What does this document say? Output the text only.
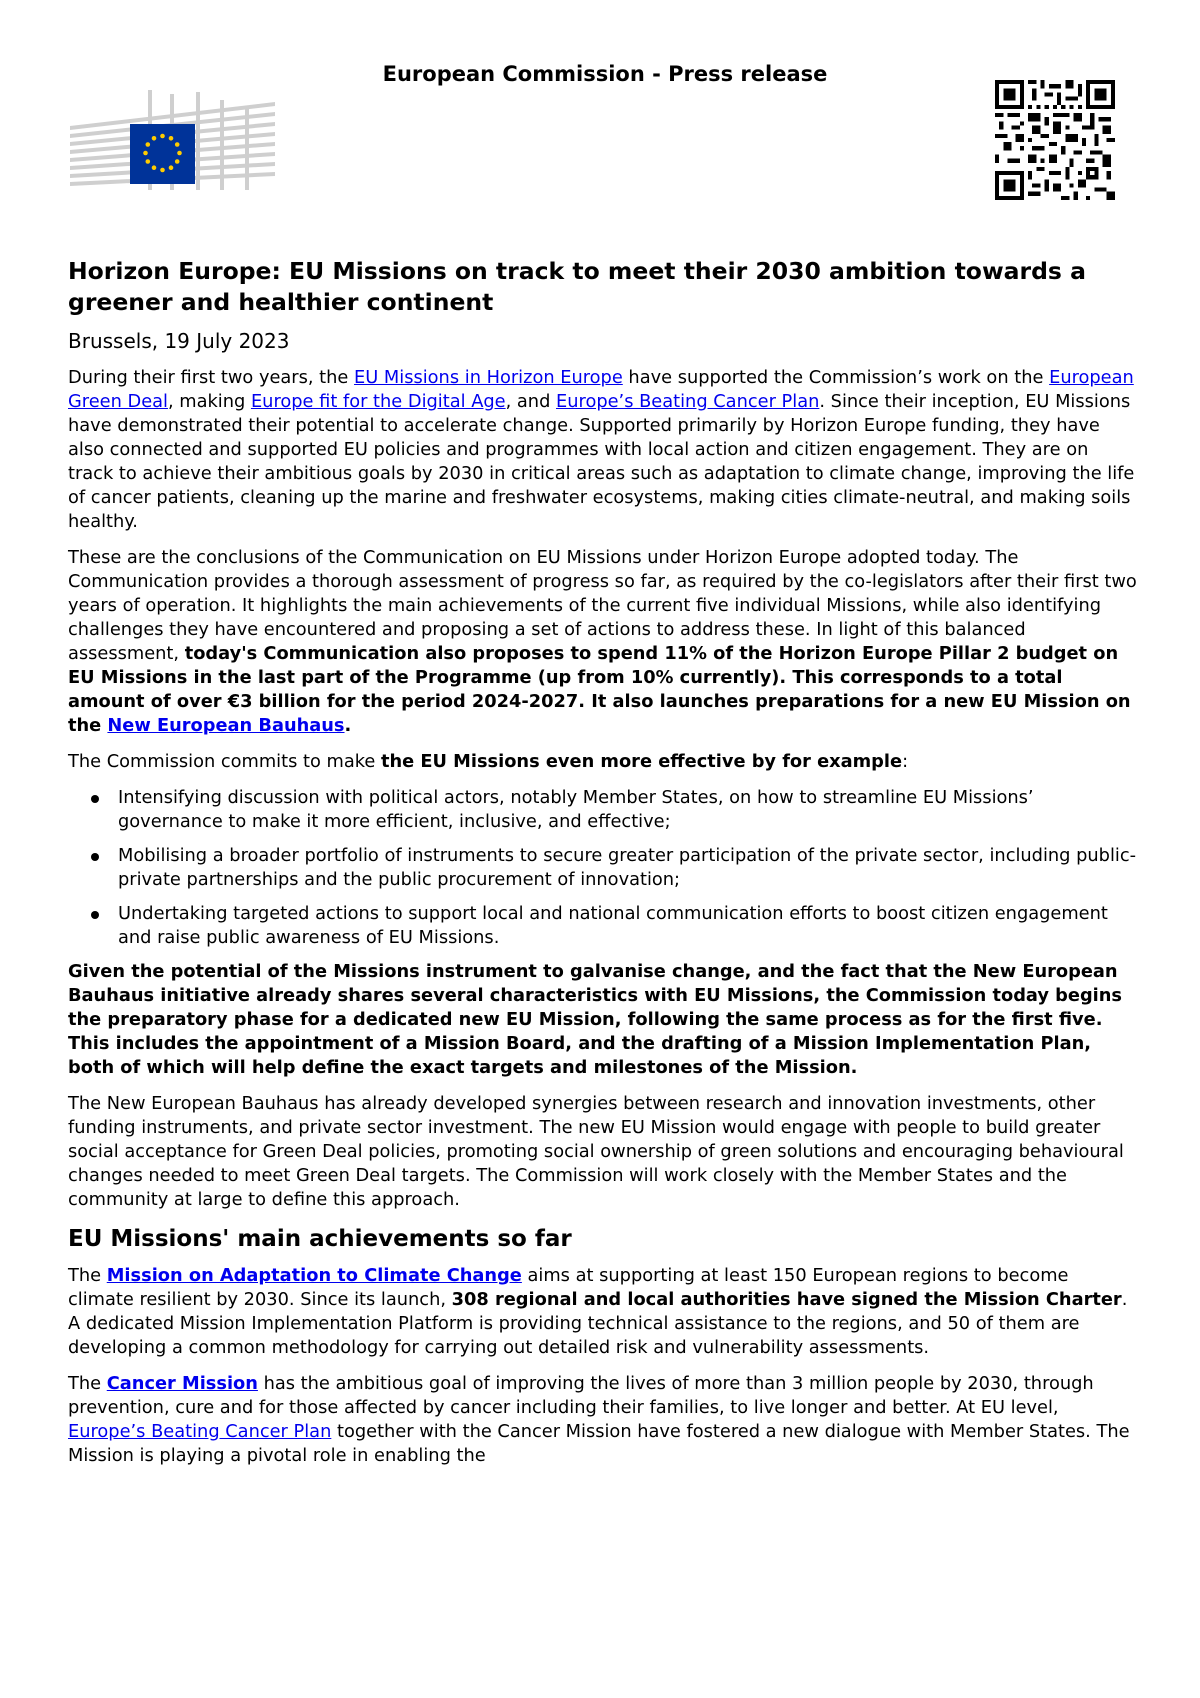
European Commission - Press release
Horizon Europe: EU Missions on track to meet their 2030 ambition towards a greener and healthier continent
Brussels, 19 July 2023

During their first two years, the EU Missions in Horizon Europe have supported the Commission’s work on the European Green Deal, making Europe fit for the Digital Age, and Europe’s Beating Cancer Plan. Since their inception, EU Missions have demonstrated their potential to accelerate change. Supported primarily by Horizon Europe funding, they have also connected and supported EU policies and programmes with local action and citizen engagement. They are on track to achieve their ambitious goals by 2030 in critical areas such as adaptation to climate change, improving the life of cancer patients, cleaning up the marine and freshwater ecosystems, making cities climate-neutral, and making soils healthy.

These are the conclusions of the Communication on EU Missions under Horizon Europe adopted today. The Communication provides a thorough assessment of progress so far, as required by the co-legislators after their first two years of operation. It highlights the main achievements of the current five individual Missions, while also identifying challenges they have encountered and proposing a set of actions to address these. In light of this balanced assessment, today's Communication also proposes to spend 11% of the Horizon Europe Pillar 2 budget on EU Missions in the last part of the Programme (up from 10% currently). This corresponds to a total amount of over €3 billion for the period 2024-2027. It also launches preparations for a new EU Mission on the New European Bauhaus.

The Commission commits to make the EU Missions even more effective by for example:

Intensifying discussion with political actors, notably Member States, on how to streamline EU Missions’ governance to make it more efficient, inclusive, and effective;
Mobilising a broader portfolio of instruments to secure greater participation of the private sector, including public-private partnerships and the public procurement of innovation;
Undertaking targeted actions to support local and national communication efforts to boost citizen engagement and raise public awareness of EU Missions.

Given the potential of the Missions instrument to galvanise change, and the fact that the New European Bauhaus initiative already shares several characteristics with EU Missions, the Commission today begins the preparatory phase for a dedicated new EU Mission, following the same process as for the first five. This includes the appointment of a Mission Board, and the drafting of a Mission Implementation Plan, both of which will help define the exact targets and milestones of the Mission.

The New European Bauhaus has already developed synergies between research and innovation investments, other funding instruments, and private sector investment. The new EU Mission would engage with people to build greater social acceptance for Green Deal policies, promoting social ownership of green solutions and encouraging behavioural changes needed to meet Green Deal targets. The Commission will work closely with the Member States and the community at large to define this approach.

EU Missions' main achievements so far

The Mission on Adaptation to Climate Change aims at supporting at least 150 European regions to become climate resilient by 2030. Since its launch, 308 regional and local authorities have signed the Mission Charter. A dedicated Mission Implementation Platform is providing technical assistance to the regions, and 50 of them are developing a common methodology for carrying out detailed risk and vulnerability assessments.

The Cancer Mission has the ambitious goal of improving the lives of more than 3 million people by 2030, through prevention, cure and for those affected by cancer including their families, to live longer and better. At EU level, Europe’s Beating Cancer Plan together with the Cancer Mission have fostered a new dialogue with Member States. The Mission is playing a pivotal role in enabling the
